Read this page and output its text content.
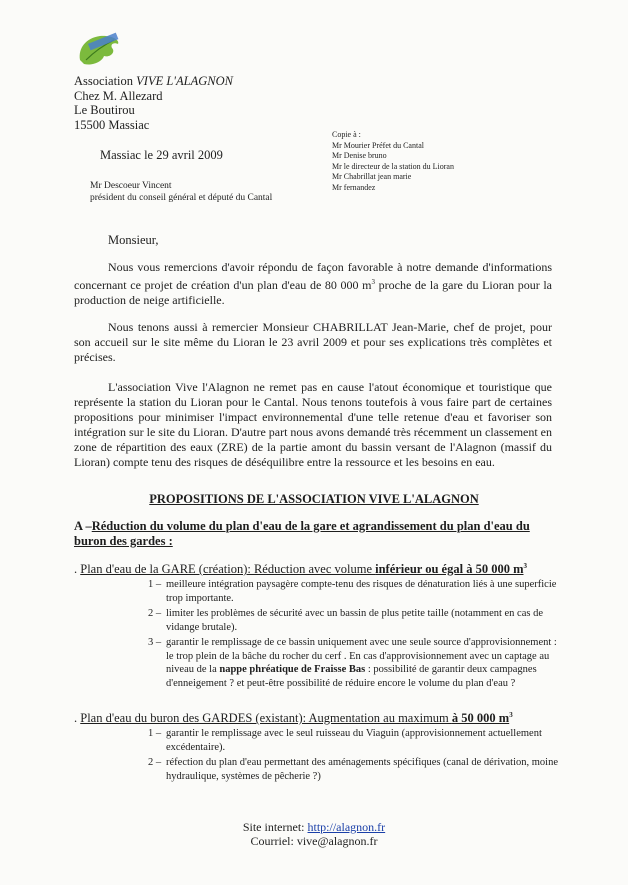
Association VIVE L'ALAGNON
Chez M. Allezard
Le Boutirou
15500 Massiac
Copie à :
Mr Mourier Préfet du Cantal
Mr Denise bruno
Mr le directeur de la station du Lioran
Mr Chabrillat jean marie
Mr fernandez
Massiac le 29 avril 2009
Mr Descoeur Vincent
président du conseil général et député du Cantal
Monsieur,
Nous vous remercions d'avoir répondu de façon favorable à notre demande d'informations concernant ce projet de création d'un plan d'eau de 80 000 $m^3$ proche de la gare du Lioran pour la production de neige artificielle.
Nous tenons aussi à remercier Monsieur CHABRILLAT Jean-Marie, chef de projet, pour son accueil sur le site même du Lioran le 23 avril 2009 et pour ses explications très complètes et précises.
L'association Vive l'Alagnon ne remet pas en cause l'atout économique et touristique que représente la station du Lioran pour le Cantal. Nous tenons toutefois à vous faire part de certaines propositions pour minimiser l'impact environnemental d'une telle retenue d'eau et favoriser son intégration sur le site du Lioran. D'autre part nous avons demandé très récemment un classement en zone de répartition des eaux (ZRE) de la partie amont du bassin versant de l'Alagnon (massif du Lioran) compte tenu des risques de déséquilibre entre la ressource et les besoins en eau.
PROPOSITIONS DE L'ASSOCIATION VIVE L'ALAGNON
A –Réduction du volume du plan d'eau de la gare et agrandissement du plan d'eau du buron des gardes :
. Plan d'eau de la GARE (création): Réduction avec volume inférieur ou égal à 50 000 $m^3$
1 – meilleure intégration paysagère compte-tenu des risques de dénaturation liés à une superficie trop importante.
2 – limiter les problèmes de sécurité avec un bassin de plus petite taille (notamment en cas de vidange brutale).
3 – garantir le remplissage de ce bassin uniquement avec une seule source d'approvisionnement : le trop plein de la bâche du rocher du cerf . En cas d'approvisionnement avec un captage au niveau de la nappe phréatique de Fraisse Bas : possibilité de garantir deux campagnes d'enneigement ? et peut-être possibilité de réduire encore le volume du plan d'eau ?
. Plan d'eau du buron des GARDES (existant): Augmentation au maximum à 50 000 $m^3$
1 – garantir le remplissage avec le seul ruisseau du Viaguin (approvisionnement actuellement excédentaire).
2 – réfection du plan d'eau permettant des aménagements spécifiques (canal de dérivation, moine hydraulique, systèmes de pêcherie ?)
Site internet: http://alagnon.fr
Courriel: vive@alagnon.fr
